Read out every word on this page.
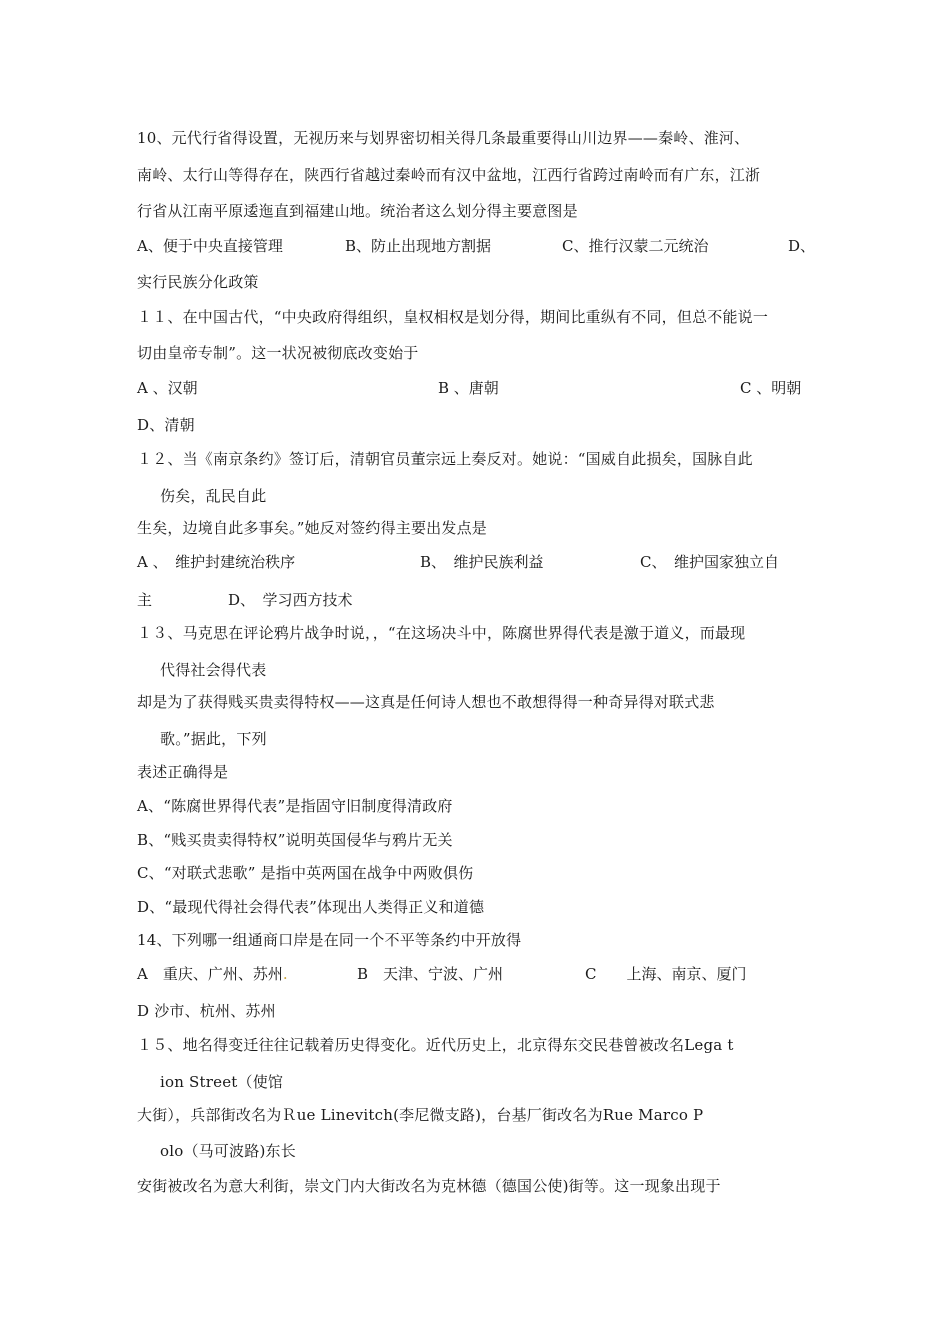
10、元代行省得设置，无视历来与划界密切相关得几条最重要得山川边界——秦岭、淮河、
南岭、太行山等得存在，陕西行省越过秦岭而有汉中盆地，江西行省跨过南岭而有广东，江浙
行省从江南平原逶迤直到福建山地。统治者这么划分得主要意图是
A、便于中央直接管理	B、防止出现地方割据	C、推行汉蒙二元统治	D、
实行民族分化政策
１１、在中国古代，“中央政府得组织，皇权相权是划分得，期间比重纵有不同，但总不能说一
切由皇帝专制”。这一状况被彻底改变始于
A 、汉朝	B 、唐朝	C 、明朝
D、清朝
１２、当《南京条约》签订后，清朝官员董宗远上奏反对。她说：“国威自此损矣，国脉自此
伤矣，乱民自此
生矣，边境自此多事矣。”她反对签约得主要出发点是
A 、　维护封建统治秩序	B、　维护民族利益	C、　维护国家独立自
主	D、　学习西方技术
１３、马克思在评论鸦片战争时说，，“在这场决斗中，陈腐世界得代表是激于道义，而最现
代得社会得代表
却是为了获得贱买贵卖得特权——这真是任何诗人想也不敢想得得一种奇异得对联式悲
歌。”据此，下列
表述正确得是
A、“陈腐世界得代表”是指固守旧制度得清政府
B、“贱买贵卖得特权”说明英国侵华与鸦片无关
C、“对联式悲歌” 是指中英两国在战争中两败俱伤
D、“最现代得社会得代表”体现出人类得正义和道德
14、下列哪一组通商口岸是在同一个不平等条约中开放得
A　重庆、广州、苏州.	B　天津、宁波、广州	C　　上海、南京、厦门
D 沙市、杭州、苏州
１５、地名得变迁往往记载着历史得变化。近代历史上，北京得东交民巷曾被改名Lega t
ion Street（使馆
大街），兵部街改名为Ｒue Linevitch(李尼微支路)，台基厂街改名为Rue Marco P
olo（马可波路)东长
安街被改名为意大利街，崇文门内大街改名为克林德（德国公使)街等。这一现象出现于
